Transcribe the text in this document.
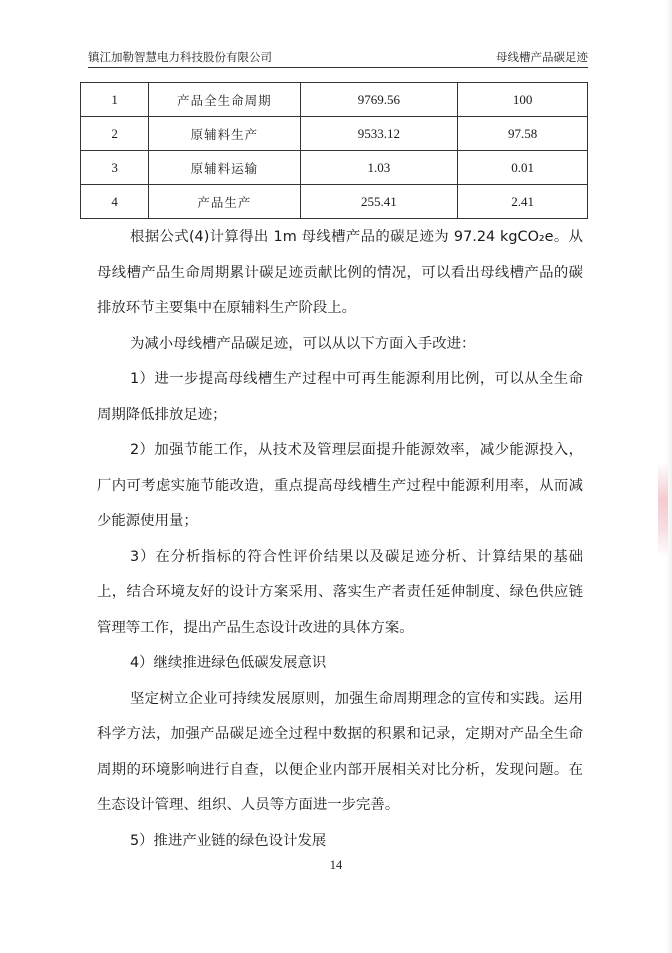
镇江加勒智慧电力科技股份有限公司	母线槽产品碳足迹
1	产品全生命周期	9769.56	100
2	原辅料生产	9533.12	97.58
3	原辅料运输	1.03	0.01
4	产品生产	255.41	2.41

根据公式(4)计算得出 1m 母线槽产品的碳足迹为 97.24 kgCO₂e。从母线槽产品生命周期累计碳足迹贡献比例的情况，可以看出母线槽产品的碳排放环节主要集中在原辅料生产阶段上。

为减小母线槽产品碳足迹，可以从以下方面入手改进：

1）进一步提高母线槽生产过程中可再生能源利用比例，可以从全生命周期降低排放足迹；

2）加强节能工作，从技术及管理层面提升能源效率，减少能源投入，厂内可考虑实施节能改造，重点提高母线槽生产过程中能源利用率，从而减少能源使用量；

3）在分析指标的符合性评价结果以及碳足迹分析、计算结果的基础上，结合环境友好的设计方案采用、落实生产者责任延伸制度、绿色供应链管理等工作，提出产品生态设计改进的具体方案。

4）继续推进绿色低碳发展意识

坚定树立企业可持续发展原则，加强生命周期理念的宣传和实践。运用科学方法，加强产品碳足迹全过程中数据的积累和记录，定期对产品全生命周期的环境影响进行自查，以便企业内部开展相关对比分析，发现问题。在生态设计管理、组织、人员等方面进一步完善。

5）推进产业链的绿色设计发展

14
